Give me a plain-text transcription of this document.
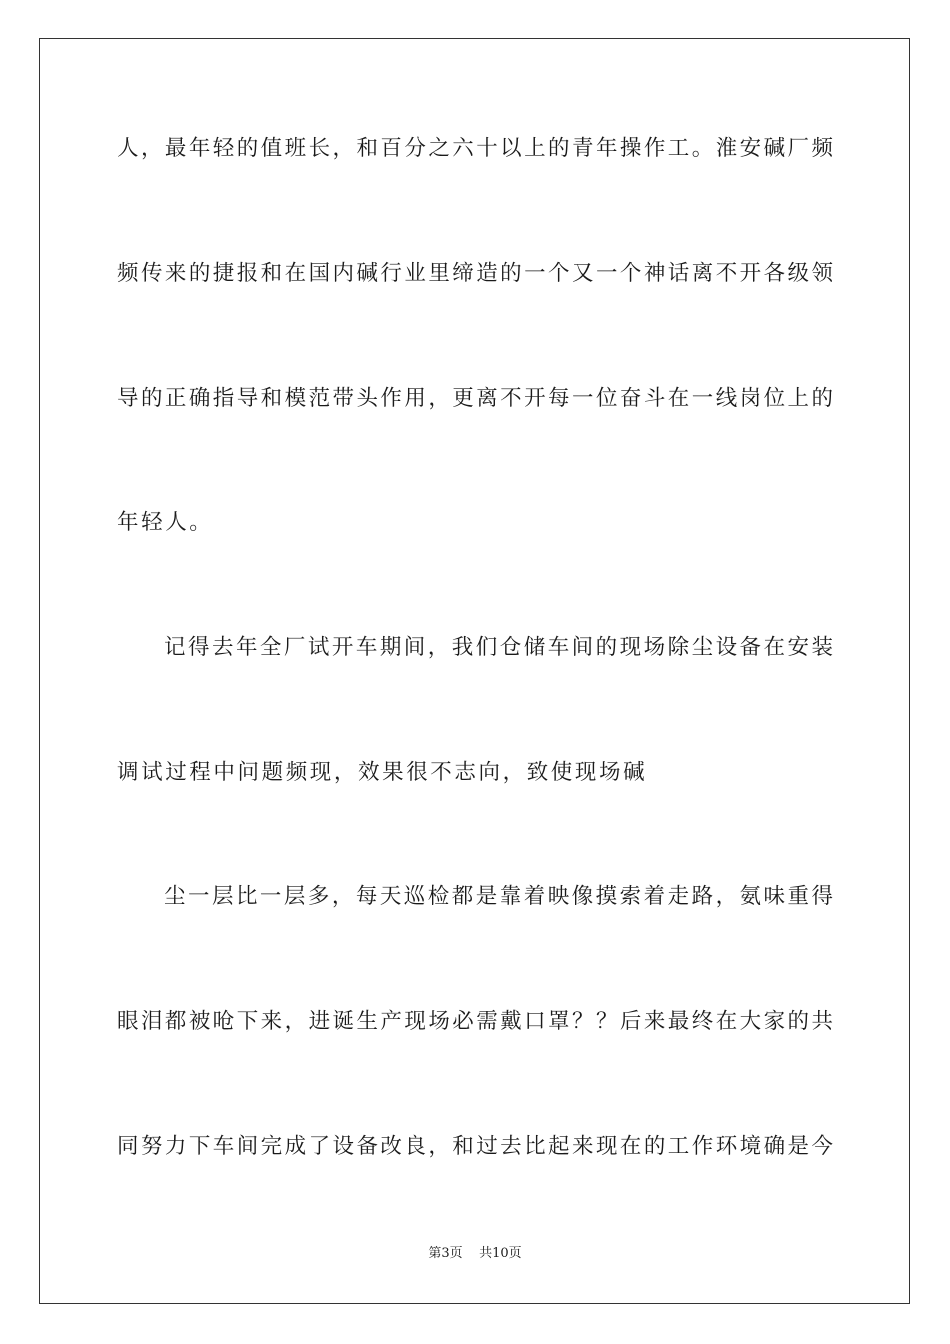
人，最年轻的值班长，和百分之六十以上的青年操作工。淮安碱厂频
频传来的捷报和在国内碱行业里缔造的一个又一个神话离不开各级领
导的正确指导和模范带头作用，更离不开每一位奋斗在一线岗位上的
年轻人。
记得去年全厂试开车期间，我们仓储车间的现场除尘设备在安装
调试过程中问题频现，效果很不志向，致使现场碱
尘一层比一层多，每天巡检都是靠着映像摸索着走路，氨味重得
眼泪都被呛下来，进诞生产现场必需戴口罩？？后来最终在大家的共
同努力下车间完成了设备改良，和过去比起来现在的工作环境确是今
第3页    共10页
